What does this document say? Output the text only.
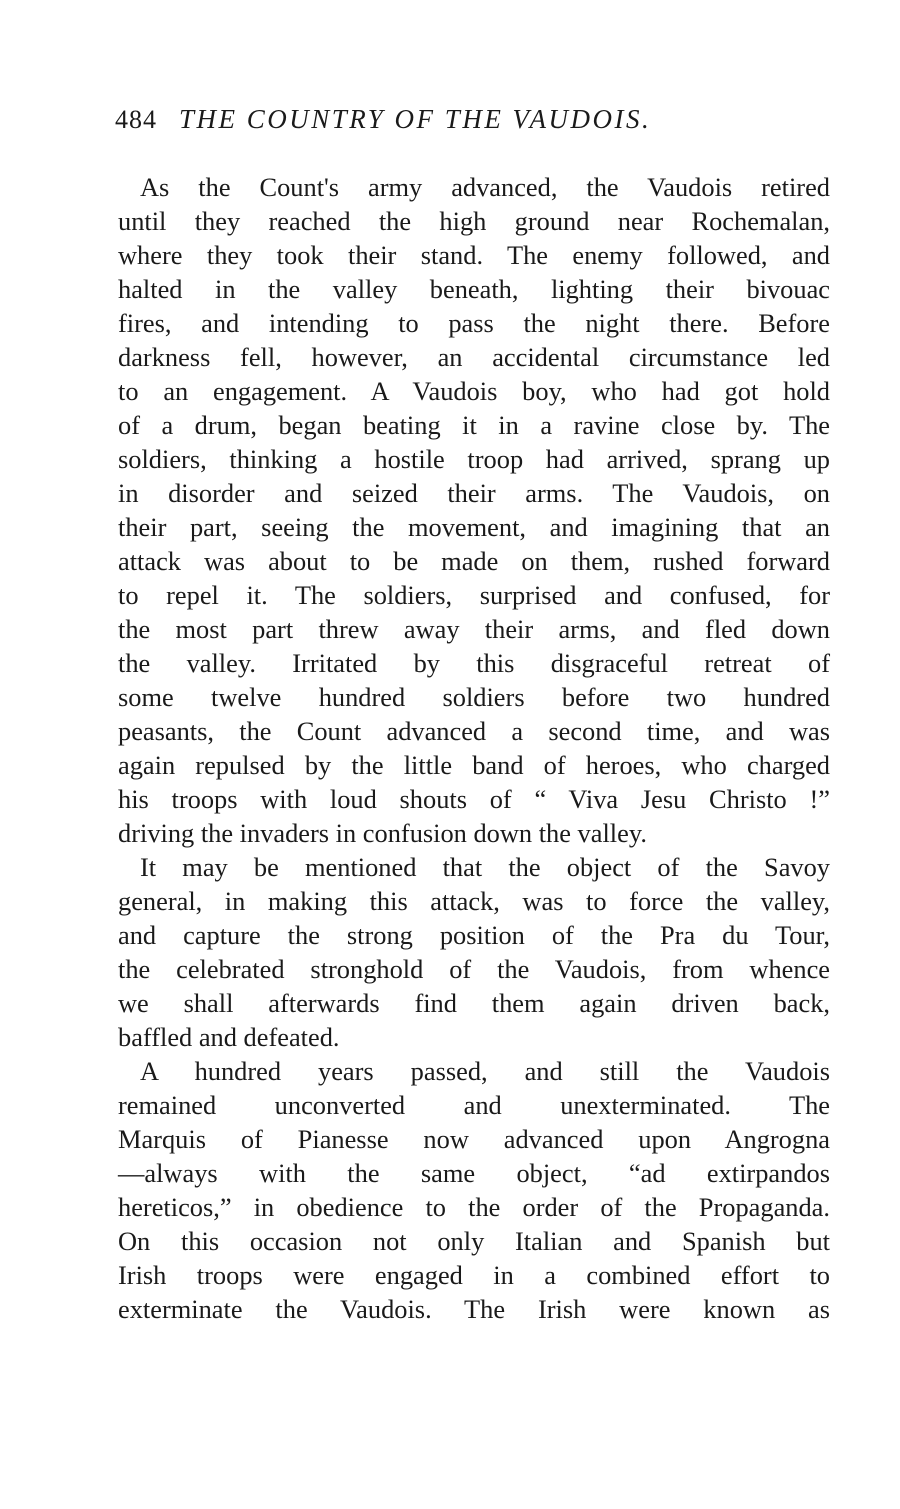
484 THE COUNTRY OF THE VAUDOIS.
As the Count's army advanced, the Vaudois retired
until they reached the high ground near Rochemalan,
where they took their stand. The enemy followed, and
halted in the valley beneath, lighting their bivouac
fires, and intending to pass the night there. Before
darkness fell, however, an accidental circumstance led
to an engagement. A Vaudois boy, who had got hold
of a drum, began beating it in a ravine close by. The
soldiers, thinking a hostile troop had arrived, sprang up
in disorder and seized their arms. The Vaudois, on
their part, seeing the movement, and imagining that an
attack was about to be made on them, rushed forward
to repel it. The soldiers, surprised and confused, for
the most part threw away their arms, and fled down
the valley. Irritated by this disgraceful retreat of
some twelve hundred soldiers before two hundred
peasants, the Count advanced a second time, and was
again repulsed by the little band of heroes, who charged
his troops with loud shouts of “ Viva Jesu Christo !”
driving the invaders in confusion down the valley.
It may be mentioned that the object of the Savoy
general, in making this attack, was to force the valley,
and capture the strong position of the Pra du Tour,
the celebrated stronghold of the Vaudois, from whence
we shall afterwards find them again driven back,
baffled and defeated.
A hundred years passed, and still the Vaudois
remained unconverted and unexterminated. The
Marquis of Pianesse now advanced upon Angrogna
—always with the same object, “ad extirpandos
hereticos,” in obedience to the order of the Propaganda.
On this occasion not only Italian and Spanish but
Irish troops were engaged in a combined effort to
exterminate the Vaudois. The Irish were known as
